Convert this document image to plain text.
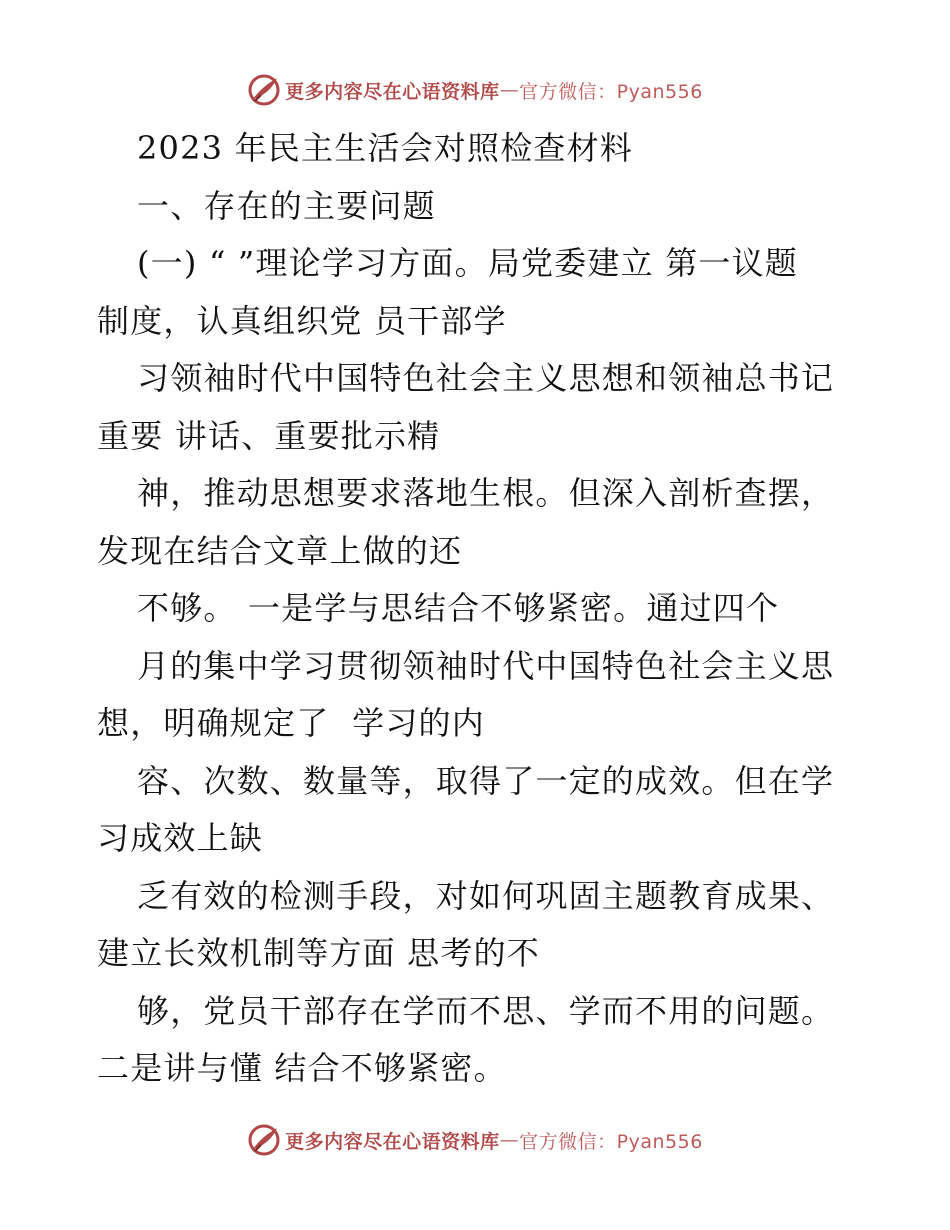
更多内容尽在心语资料库 — 官方微信：Pyan556
2023 年民主生活会对照检查材料
一、存在的主要问题
(一) “ ”理论学习方面。局党委建立 第一议题
制度，认真组织党 员干部学
习领袖时代中国特色社会主义思想和领袖总书记
重要 讲话、重要批示精
神，推动思想要求落地生根。但深入剖析查摆，
发现在结合文章上做的还
不够。 一是学与思结合不够紧密。通过四个
月的集中学习贯彻领袖时代中国特色社会主义思
想，明确规定了  学习的内
容、次数、数量等，取得了一定的成效。但在学
习成效上缺
乏有效的检测手段，对如何巩固主题教育成果、
建立长效机制等方面 思考的不
够，党员干部存在学而不思、学而不用的问题。
二是讲与懂 结合不够紧密。
更多内容尽在心语资料库 — 官方微信：Pyan556
